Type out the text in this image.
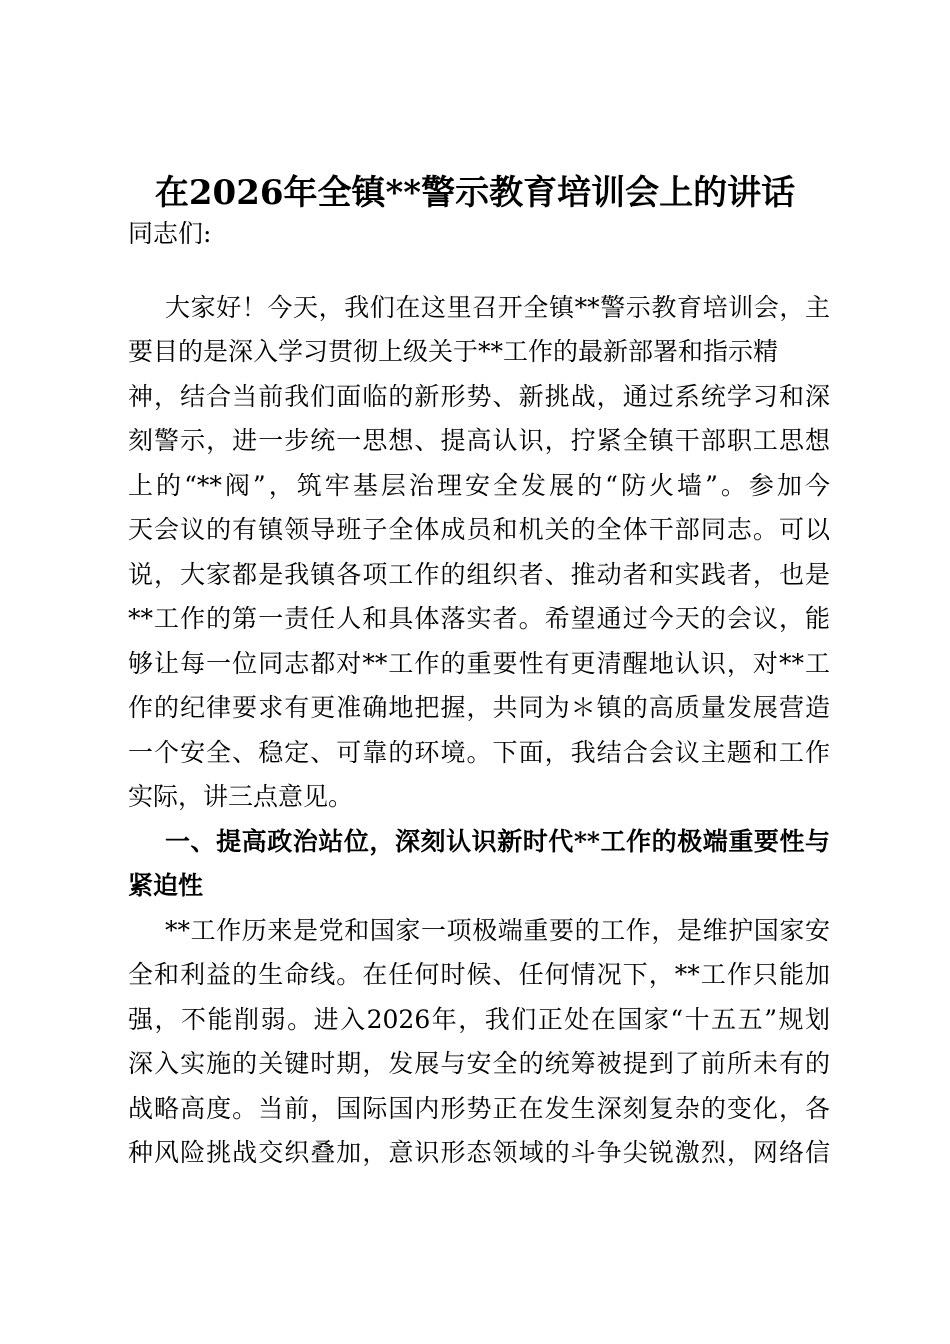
在2026年全镇**警示教育培训会上的讲话
同志们:
大家好！今天，我们在这里召开全镇**警示教育培训会，主
要目的是深入学习贯彻上级关于**工作的最新部署和指示精
神，结合当前我们面临的新形势、新挑战，通过系统学习和深
刻警示，进一步统一思想、提高认识，拧紧全镇干部职工思想
上的“**阀”，筑牢基层治理安全发展的“防火墙”。参加今
天会议的有镇领导班子全体成员和机关的全体干部同志。可以
说，大家都是我镇各项工作的组织者、推动者和实践者，也是
**工作的第一责任人和具体落实者。希望通过今天的会议，能
够让每一位同志都对**工作的重要性有更清醒地认识，对**工
作的纪律要求有更准确地把握，共同为＊镇的高质量发展营造
一个安全、稳定、可靠的环境。下面，我结合会议主题和工作
实际，讲三点意见。
一、提高政治站位，深刻认识新时代**工作的极端重要性与
紧迫性
**工作历来是党和国家一项极端重要的工作，是维护国家安
全和利益的生命线。在任何时候、任何情况下，**工作只能加
强，不能削弱。进入2026年，我们正处在国家“十五五”规划
深入实施的关键时期，发展与安全的统筹被提到了前所未有的
战略高度。当前，国际国内形势正在发生深刻复杂的变化，各
种风险挑战交织叠加，意识形态领域的斗争尖锐激烈，网络信
